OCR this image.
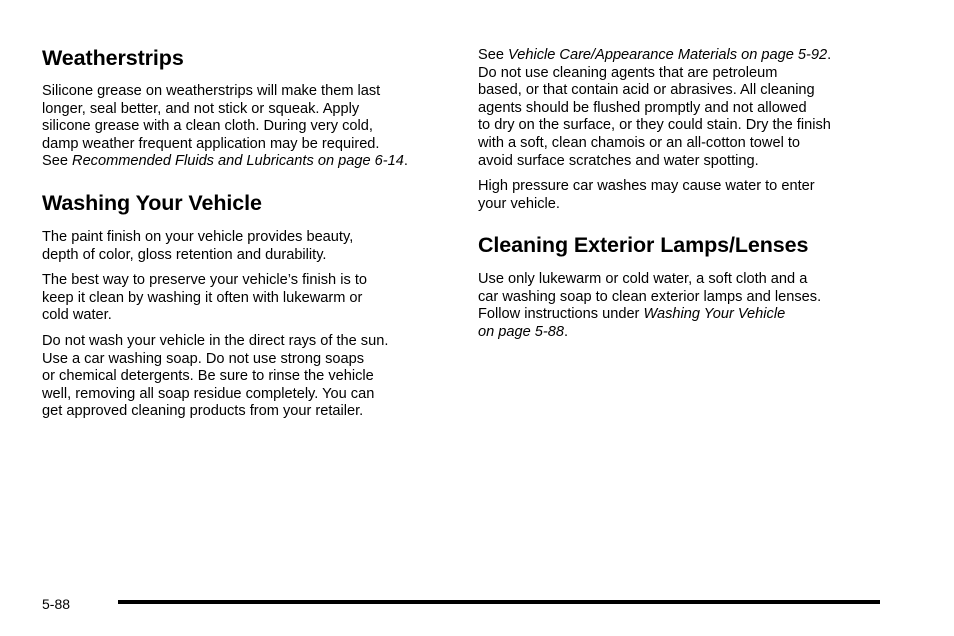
Weatherstrips

Silicone grease on weatherstrips will make them last
longer, seal better, and not stick or squeak. Apply
silicone grease with a clean cloth. During very cold,
damp weather frequent application may be required.
See Recommended Fluids and Lubricants on page 6-14.

Washing Your Vehicle

The paint finish on your vehicle provides beauty,
depth of color, gloss retention and durability.

The best way to preserve your vehicle’s finish is to
keep it clean by washing it often with lukewarm or
cold water.

Do not wash your vehicle in the direct rays of the sun.
Use a car washing soap. Do not use strong soaps
or chemical detergents. Be sure to rinse the vehicle
well, removing all soap residue completely. You can
get approved cleaning products from your retailer.

See Vehicle Care/Appearance Materials on page 5-92.
Do not use cleaning agents that are petroleum
based, or that contain acid or abrasives. All cleaning
agents should be flushed promptly and not allowed
to dry on the surface, or they could stain. Dry the finish
with a soft, clean chamois or an all-cotton towel to
avoid surface scratches and water spotting.

High pressure car washes may cause water to enter
your vehicle.

Cleaning Exterior Lamps/Lenses

Use only lukewarm or cold water, a soft cloth and a
car washing soap to clean exterior lamps and lenses.
Follow instructions under Washing Your Vehicle
on page 5-88.

5-88
